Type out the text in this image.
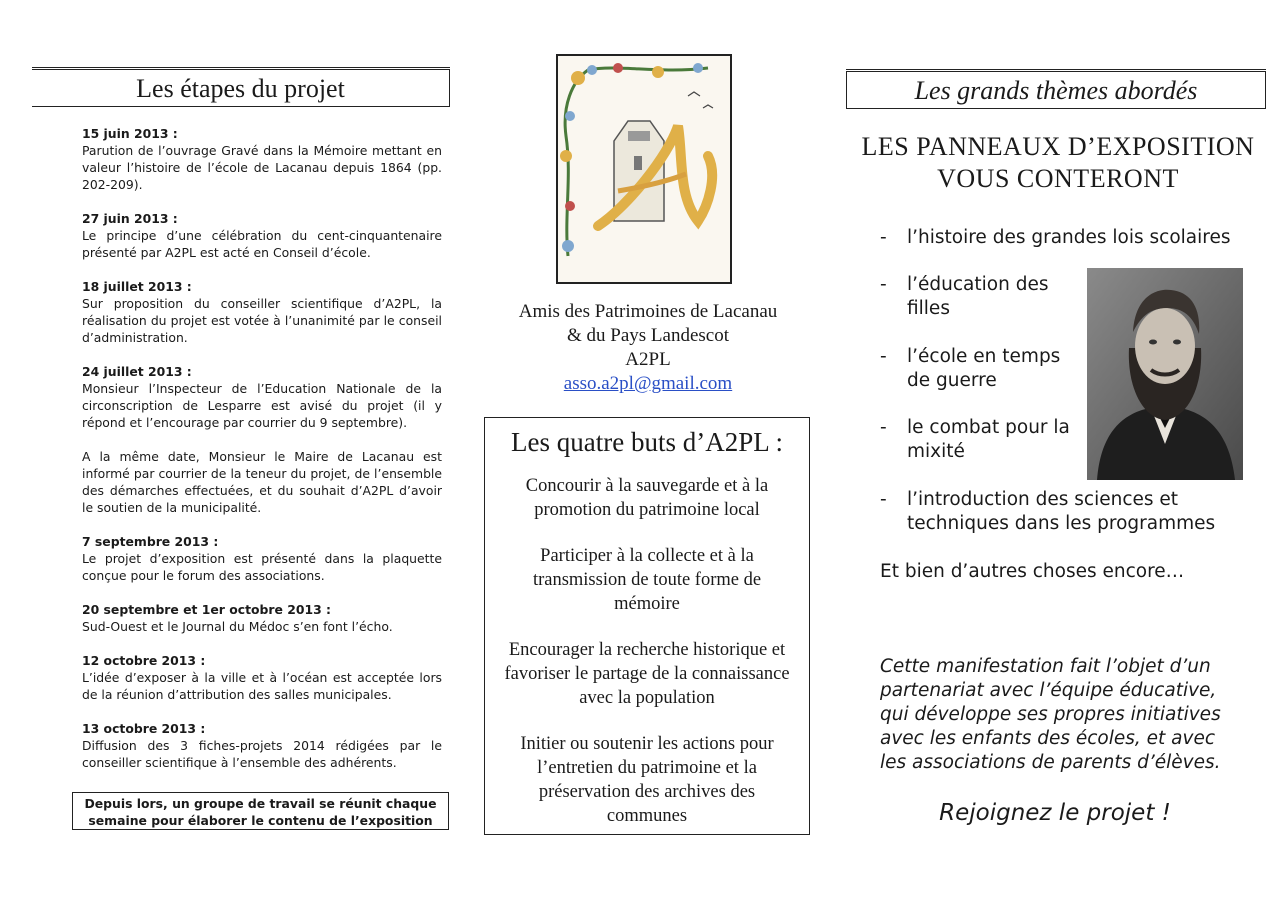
Les étapes du projet
15 juin 2013 :
Parution de l’ouvrage Gravé dans la Mémoire mettant en valeur l’histoire de l’école de Lacanau depuis 1864 (pp. 202-209).
27 juin 2013 :
Le principe d’une célébration du cent-cinquantenaire présenté par A2PL est acté en Conseil d’école.
18 juillet 2013 :
Sur proposition du conseiller scientifique d’A2PL, la réalisation du projet est votée à l’unanimité par le conseil d’administration.
24 juillet 2013 :
Monsieur l’Inspecteur de l’Education Nationale de la circonscription de Lesparre est avisé du projet (il y répond et l’encourage par courrier du 9 septembre).
A la même date, Monsieur le Maire de Lacanau est informé par courrier de la teneur du projet, de l’ensemble des démarches effectuées, et du souhait d’A2PL d’avoir le soutien de la municipalité.
7 septembre 2013 :
Le projet d’exposition est présenté dans la plaquette conçue pour le forum des associations.
20 septembre et 1er octobre 2013 :
Sud-Ouest et le Journal du Médoc s’en font l’écho.
12 octobre 2013 :
L’idée d’exposer à la ville et à l’océan est acceptée lors de la réunion d’attribution des salles municipales.
13 octobre 2013 :
Diffusion des 3 fiches-projets 2014 rédigées par le conseiller scientifique à l’ensemble des adhérents.
Depuis lors, un groupe de travail se réunit chaque
semaine pour élaborer le contenu de l’exposition
Amis des Patrimoines de Lacanau
& du Pays Landescot
A2PL
asso.a2pl@gmail.com
Les quatre buts d’A2PL :
Concourir à la sauvegarde et à la promotion du patrimoine local
Participer à la collecte et à la transmission de toute forme de mémoire
Encourager la recherche historique et favoriser le partage de la connaissance avec la population
Initier ou soutenir les actions pour l’entretien du patrimoine et la préservation des archives des communes
Les grands thèmes abordés
LES PANNEAUX D’EXPOSITION
VOUS CONTERONT
- l’histoire des grandes lois scolaires
- l’éducation des
filles
- l’école en temps
de guerre
- le combat pour la
mixité
- l’introduction des sciences et
techniques dans les programmes
Et bien d’autres choses encore…
Cette manifestation fait l’objet d’un
partenariat avec l’équipe éducative,
qui développe ses propres initiatives
avec les enfants des écoles, et avec
les associations de parents d’élèves.
Rejoignez le projet !
